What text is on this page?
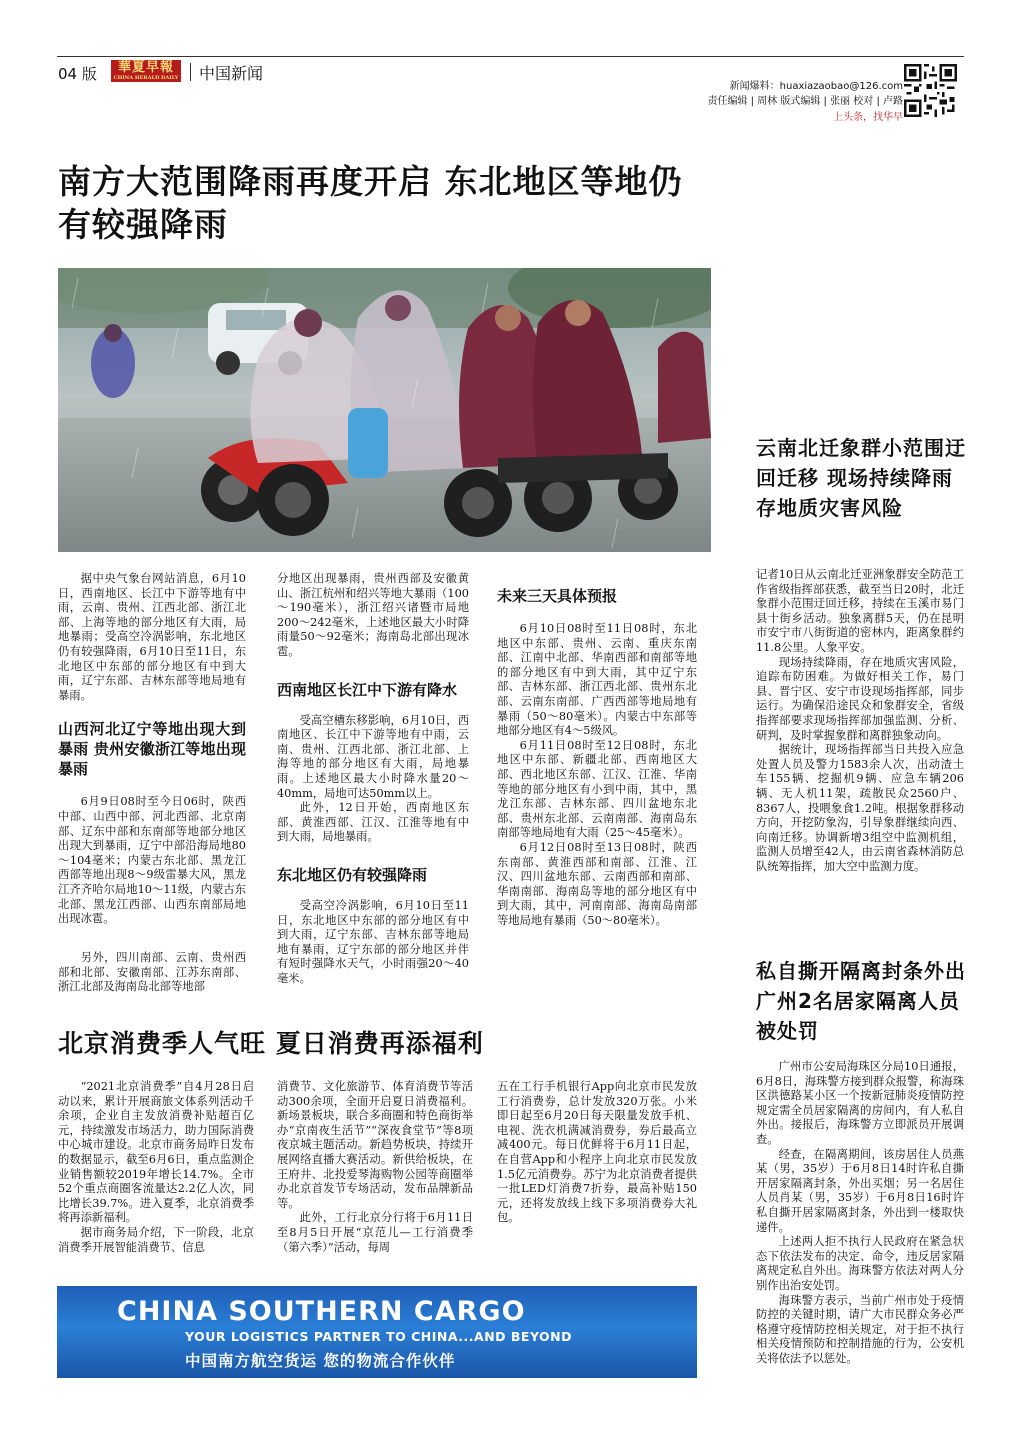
04 版	華夏早報
CHINA HERALD DAILY 中国新闻
新闻爆料：huaxiazaobao@126.com
责任编辑 | 周林 版式编辑 | 张丽 校对 | 卢路
上头条，找华早
南方大范围降雨再度开启 东北地区等地仍有较强降雨

据中央气象台网站消息，6月10日，西南地区、长江中下游等地有中雨，云南、贵州、江西北部、浙江北部、上海等地的部分地区有大雨，局地暴雨；受高空冷涡影响，东北地区仍有较强降雨，6月10日至11日，东北地区中东部的部分地区有中到大雨，辽宁东部、吉林东部等地局地有暴雨。

山西河北辽宁等地出现大到暴雨 贵州安徽浙江等地出现暴雨

6月9日08时至今日06时，陕西中部、山西中部、河北西部、北京南部、辽东中部和东南部等地部分地区出现大到暴雨，辽宁中部沿海局地80～104毫米；内蒙古东北部、黑龙江西部等地出现8～9级雷暴大风，黑龙江齐齐哈尔局地10～11级，内蒙古东北部、黑龙江西部、山西东南部局地出现冰雹。

另外，四川南部、云南、贵州西部和北部、安徽南部、江苏东南部、浙江北部及海南岛北部等地部

分地区出现暴雨，贵州西部及安徽黄山、浙江杭州和绍兴等地大暴雨（100～190毫米），浙江绍兴诸暨市局地200～242毫米，上述地区最大小时降雨量50～92毫米；海南岛北部出现冰雹。

西南地区长江中下游有降水

受高空槽东移影响，6月10日，西南地区、长江中下游等地有中雨，云南、贵州、江西北部、浙江北部、上海等地的部分地区有大雨，局地暴雨。上述地区最大小时降水量20～40mm，局地可达50mm以上。

此外，12日开始，西南地区东部、黄淮西部、江汉、江淮等地有中到大雨，局地暴雨。

东北地区仍有较强降雨

受高空冷涡影响，6月10日至11日，东北地区中东部的部分地区有中到大雨，辽宁东部、吉林东部等地局地有暴雨，辽宁东部的部分地区并伴有短时强降水天气，小时雨强20～40毫米。

未来三天具体预报

6月10日08时至11日08时，东北地区中东部、贵州、云南、重庆东南部、江南中北部、华南西部和南部等地的部分地区有中到大雨，其中辽宁东部、吉林东部、浙江西北部、贵州东北部、云南东南部、广西西部等地局地有暴雨（50～80毫米）。内蒙古中东部等地部分地区有4～5级风。

6月11日08时至12日08时，东北地区中东部、新疆北部、西南地区大部、西北地区东部、江汉、江淮、华南等地的部分地区有小到中雨，其中，黑龙江东部、吉林东部、四川盆地东北部、贵州东北部、云南南部、海南岛东南部等地局地有大雨（25～45毫米）。

6月12日08时至13日08时，陕西东南部、黄淮西部和南部、江淮、江汉、四川盆地东部、云南西部和南部、华南南部、海南岛等地的部分地区有中到大雨，其中，河南南部、海南岛南部等地局地有暴雨（50～80毫米）。

云南北迁象群小范围迂回迁移 现场持续降雨存地质灾害风险

记者10日从云南北迁亚洲象群安全防范工作省级指挥部获悉，截至当日20时，北迁象群小范围迂回迁移，持续在玉溪市易门县十街乡活动。独象离群5天，仍在昆明市安宁市八街街道的密林内，距离象群约11.8公里。人象平安。

现场持续降雨，存在地质灾害风险，追踪布防困难。为做好相关工作，易门县、晋宁区、安宁市设现场指挥部，同步运行。为确保沿途民众和象群安全，省级指挥部要求现场指挥部加强监测、分析、研判，及时掌握象群和离群独象动向。

据统计，现场指挥部当日共投入应急处置人员及警力1583余人次，出动渣土车155辆、挖掘机9辆、应急车辆206辆、无人机11架，疏散民众2560户、8367人，投喂象食1.2吨。根据象群移动方向，开挖防象沟，引导象群继续向西、向南迁移。协调新增3组空中监测机组，监测人员增至42人，由云南省森林消防总队统筹指挥，加大空中监测力度。

私自撕开隔离封条外出 广州2名居家隔离人员被处罚

广州市公安局海珠区分局10日通报，6月8日，海珠警方接到群众报警，称海珠区洪德路某小区一个按新冠肺炎疫情防控规定需全员居家隔离的房间内，有人私自外出。接报后，海珠警方立即派员开展调查。

经查，在隔离期间，该房居住人员燕某（男，35岁）于6月8日14时许私自撕开居家隔离封条，外出买烟；另一名居住人员肖某（男，35岁）于6月8日16时许私自撕开居家隔离封条，外出到一楼取快递件。

上述两人拒不执行人民政府在紧急状态下依法发布的决定、命令，违反居家隔离规定私自外出。海珠警方依法对两人分别作出治安处罚。

海珠警方表示，当前广州市处于疫情防控的关键时期，请广大市民群众务必严格遵守疫情防控相关规定，对于拒不执行相关疫情预防和控制措施的行为，公安机关将依法予以惩处。

北京消费季人气旺 夏日消费再添福利

“2021北京消费季”自4月28日启动以来，累计开展商旅文体系列活动千余项，企业自主发放消费补贴超百亿元，持续激发市场活力，助力国际消费中心城市建设。北京市商务局昨日发布的数据显示，截至6月6日，重点监测企业销售额较2019年增长14.7%。全市52个重点商圈客流量达2.2亿人次，同比增长39.7%。进入夏季，北京消费季将再添新福利。

据市商务局介绍，下一阶段，北京消费季开展智能消费节、信息

消费节、文化旅游节、体育消费节等活动300余项，全面开启夏日消费福利。新场景板块，联合多商圈和特色商街举办“京南夜生活节”“深夜食堂节”等8项夜京城主题活动。新趋势板块，持续开展网络直播大赛活动。新供给板块，在王府井、北投爱琴海购物公园等商圈举办北京首发节专场活动，发布品牌新品等。

此外，工行北京分行将于6月11日至8月5日开展“京范儿—工行消费季（第六季）”活动，每周

五在工行手机银行App向北京市民发放工行消费券，总计发放320万张。小米即日起至6月20日每天限量发放手机、电视、洗衣机满减消费券，券后最高立减400元。每日优鲜将于6月11日起，在自营App和小程序上向北京市民发放1.5亿元消费券。苏宁为北京消费者提供一批LED灯消费7折券，最高补贴150元，还将发放线上线下多项消费券大礼包。

CHINA SOUTHERN CARGO
YOUR LOGISTICS PARTNER TO CHINA...AND BEYOND
中国南方航空货运 您的物流合作伙伴
